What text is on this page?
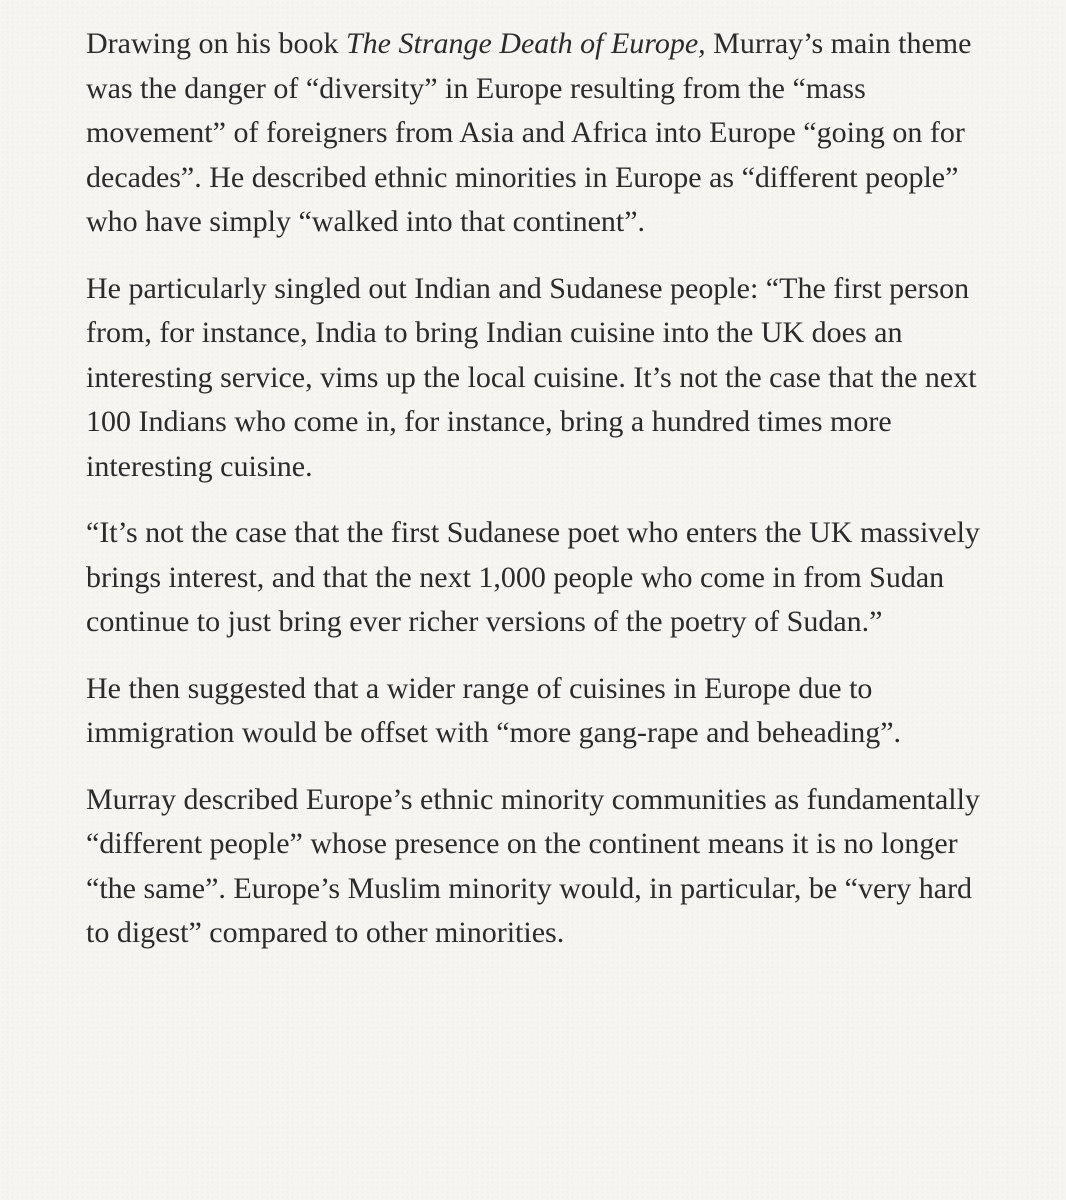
Drawing on his book The Strange Death of Europe, Murray’s main theme was the danger of “diversity” in Europe resulting from the “mass movement” of foreigners from Asia and Africa into Europe “going on for decades”. He described ethnic minorities in Europe as “different people” who have simply “walked into that continent”.

He particularly singled out Indian and Sudanese people: “The first person from, for instance, India to bring Indian cuisine into the UK does an interesting service, vims up the local cuisine. It’s not the case that the next 100 Indians who come in, for instance, bring a hundred times more interesting cuisine.

“It’s not the case that the first Sudanese poet who enters the UK massively brings interest, and that the next 1,000 people who come in from Sudan continue to just bring ever richer versions of the poetry of Sudan.”

He then suggested that a wider range of cuisines in Europe due to immigration would be offset with “more gang-rape and beheading”.

Murray described Europe’s ethnic minority communities as fundamentally “different people” whose presence on the continent means it is no longer “the same”. Europe’s Muslim minority would, in particular, be “very hard to digest” compared to other minorities.
